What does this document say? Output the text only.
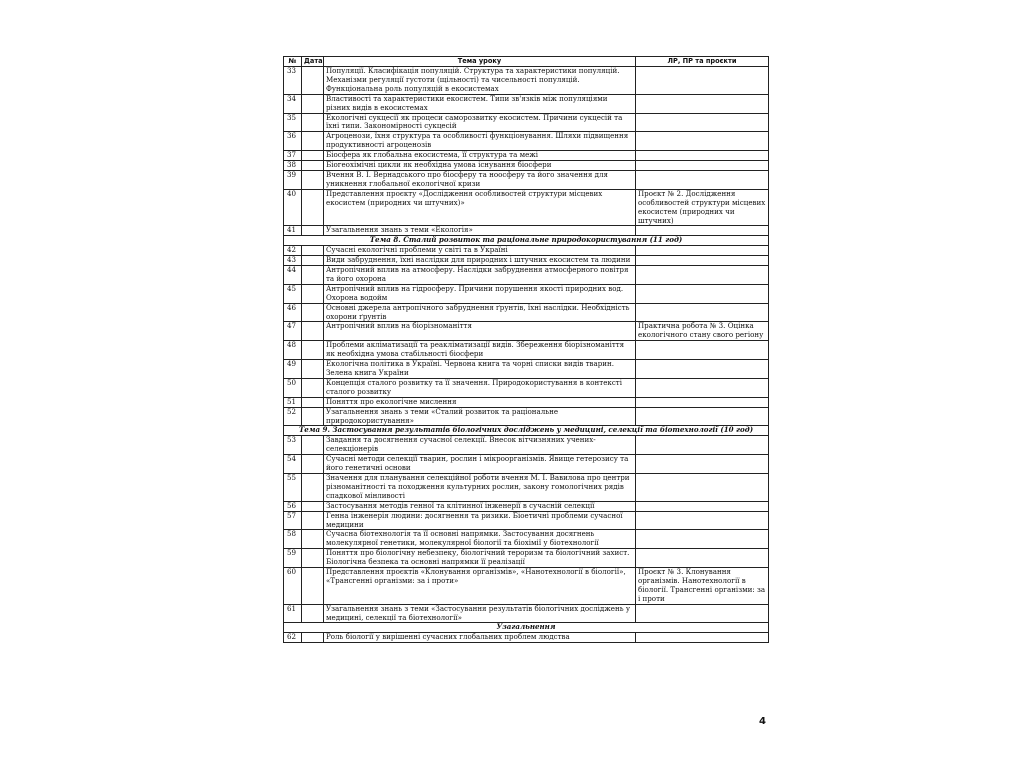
№	Дата	Тема уроку	ЛР, ПР та проєкти
33		Популяції. Класифікація популяцій. Структура та характеристики популяцій. Механізми регуляції густоти (щільності) та чисельності популяцій. Функціональна роль популяцій в екосистемах	
34		Властивості та характеристики екосистем. Типи зв'язків між популяціями різних видів в екосистемах	
35		Екологічні сукцесії як процеси саморозвитку екосистем. Причини сукцесій та їхні типи. Закономірності сукцесій	
36		Агроценози, їхня структура та особливості функціонування. Шляхи підвищення продуктивності агроценозів	
37		Біосфера як глобальна екосистема, її структура та межі	
38		Біогеохімічні цикли як необхідна умова існування біосфери	
39		Вчення В. І. Вернадського про біосферу та ноосферу та його значення для уникнення глобальної екологічної кризи	
40		Представлення проєкту «Дослідження особливостей структури місцевих екосистем (природних чи штучних)»	Проєкт № 2. Дослідження особливостей структури місцевих екосистем (природних чи штучних)
41		Узагальнення знань з теми «Екологія»	
Тема 8. Сталий розвиток та раціональне природокористування (11 год)			
42		Сучасні екологічні проблеми у світі та в Україні	
43		Види забруднення, їхні наслідки для природних і штучних екосистем та людини	
44		Антропічний вплив на атмосферу. Наслідки забруднення атмосферного повітря та його охорона	
45		Антропічний вплив на гідросферу. Причини порушення якості природних вод. Охорона водойм	
46		Основні джерела антропічного забруднення ґрунтів, їхні наслідки. Необхідність охорони ґрунтів	
47		Антропічний вплив на біорізноманіття	Практична робота № 3. Оцінка екологічного стану свого регіону
48		Проблеми акліматизації та реакліматизації видів. Збереження біорізноманіття як необхідна умова стабільності біосфери	
49		Екологічна політика в Україні. Червона книга та чорні списки видів тварин. Зелена книга України	
50		Концепція сталого розвитку та її значення. Природокористування в контексті сталого розвитку	
51		Поняття про екологічне мислення	
52		Узагальнення знань з теми «Сталий розвиток та раціональне природокористування»	
Тема 9. Застосування результатів біологічних досліджень у медицині, селекції та біотехнології (10 год)			
53		Завдання та досягнення сучасної селекції. Внесок вітчизняних учених-селекціонерів	
54		Сучасні методи селекції тварин, рослин і мікроорганізмів. Явище гетерозису та його генетичні основи	
55		Значення для планування селекційної роботи вчення М. І. Вавилова про центри різноманітності та походження культурних рослин, закону гомологічних рядів спадкової мінливості	
56		Застосування методів генної та клітинної інженерії в сучасній селекції	
57		Генна інженерія людини: досягнення та ризики. Біоетичні проблеми сучасної медицини	
58		Сучасна біотехнологія та її основні напрямки. Застосування досягнень молекулярної генетики, молекулярної біології та біохімії у біотехнології	
59		Поняття про біологічну небезпеку, біологічний тероризм та біологічний захист. Біологічна безпека та основні напрямки її реалізації	
60		Представлення проєктів «Клонування організмів», «Нанотехнології в біології», «Трансгенні організми: за і проти»	Проєкт № 3. Клонування організмів. Нанотехнології в біології. Трансгенні організми: за і проти
61		Узагальнення знань з теми «Застосування результатів біологічних досліджень у медицині, селекції та біотехнології»	
Узагальнення			
62		Роль біології у вирішенні сучасних глобальних проблем людства	
4
